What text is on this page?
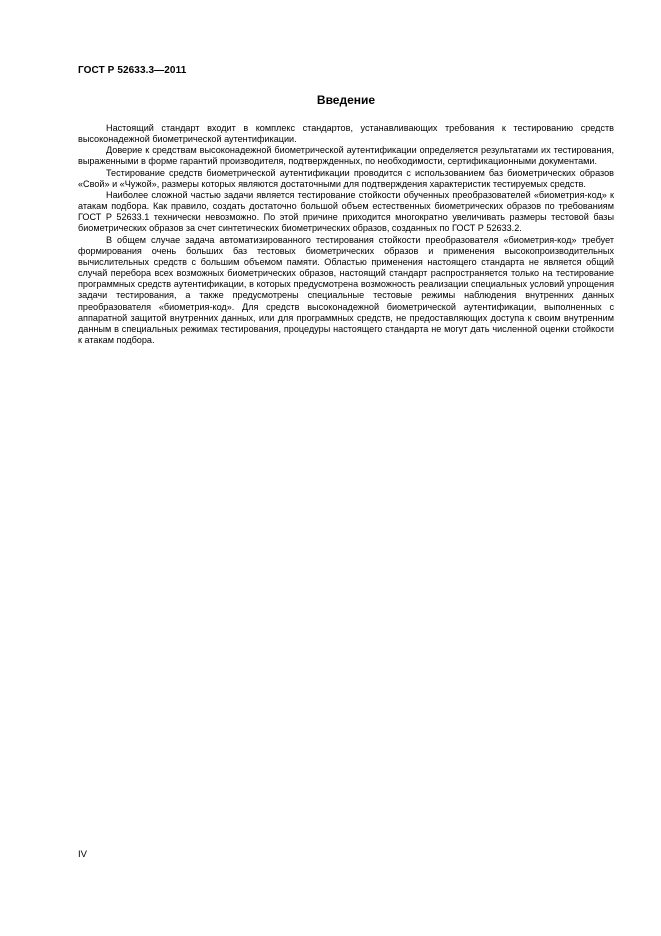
ГОСТ Р 52633.3—2011
Введение

Настоящий стандарт входит в комплекс стандартов, устанавливающих требования к тестированию средств высоконадежной биометрической аутентификации.

Доверие к средствам высоконадежной биометрической аутентификации определяется результатами их тестирования, выраженными в форме гарантий производителя, подтвержденных, по необходимости, сертификационными документами.

Тестирование средств биометрической аутентификации проводится с использованием баз биометрических образов «Свой» и «Чужой», размеры которых являются достаточными для подтверждения характеристик тестируемых средств.

Наиболее сложной частью задачи является тестирование стойкости обученных преобразователей «биометрия-код» к атакам подбора. Как правило, создать достаточно большой объем естественных биометрических образов по требованиям ГОСТ Р 52633.1 технически невозможно. По этой причине приходится многократно увеличивать размеры тестовой базы биометрических образов за счет синтетических биометрических образов, созданных по ГОСТ Р 52633.2.

В общем случае задача автоматизированного тестирования стойкости преобразователя «биометрия-код» требует формирования очень больших баз тестовых биометрических образов и применения высокопроизводительных вычислительных средств с большим объемом памяти. Областью применения настоящего стандарта не является общий случай перебора всех возможных биометрических образов, настоящий стандарт распространяется только на тестирование программных средств аутентификации, в которых предусмотрена возможность реализации специальных условий упрощения задачи тестирования, а также предусмотрены специальные тестовые режимы наблюдения внутренних данных преобразователя «биометрия-код». Для средств высоконадежной биометрической аутентификации, выполненных с аппаратной защитой внутренних данных, или для программных средств, не предоставляющих доступа к своим внутренним данным в специальных режимах тестирования, процедуры настоящего стандарта не могут дать численной оценки стойкости к атакам подбора.

IV
